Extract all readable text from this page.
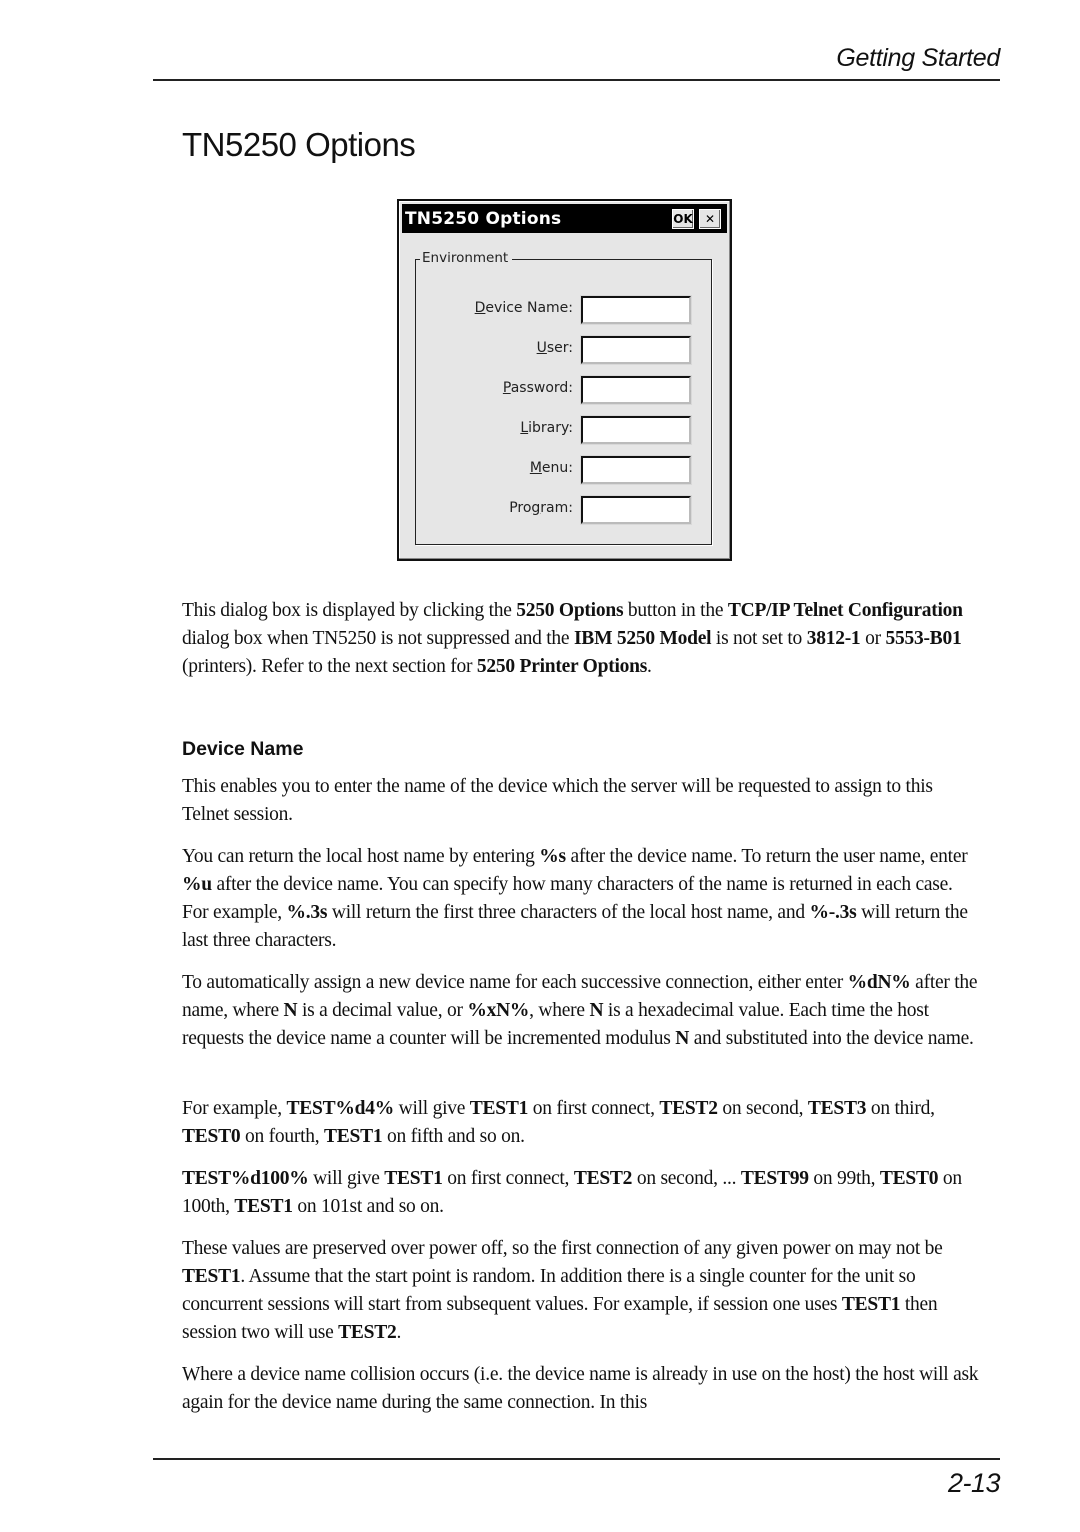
Getting Started
TN5250 Options
TN5250 Options	OK ✕
Environment
Device Name:
User:
Password:
Library:
Menu:
Program:

This dialog box is displayed by clicking the 5250 Options button in the TCP/IP Telnet Configuration dialog box when TN5250 is not suppressed and the IBM 5250 Model is not set to 3812-1 or 5553-B01 (printers). Refer to the next section for 5250 Printer Options.

Device Name

This enables you to enter the name of the device which the server will be requested to assign to this Telnet session.

You can return the local host name by entering %s after the device name. To return the user name, enter %u after the device name. You can specify how many characters of the name is returned in each case. For example, %.3s will return the first three characters of the local host name, and %-.3s will return the last three characters.

To automatically assign a new device name for each successive connection, either enter %dN% after the name, where N is a decimal value, or %xN%, where N is a hexadecimal value. Each time the host requests the device name a counter will be incremented modulus N and substituted into the device name.

For example, TEST%d4% will give TEST1 on first connect, TEST2 on second, TEST3 on third, TEST0 on fourth, TEST1 on fifth and so on.

TEST%d100% will give TEST1 on first connect, TEST2 on second, ... TEST99 on 99th, TEST0 on 100th, TEST1 on 101st and so on.

These values are preserved over power off, so the first connection of any given power on may not be TEST1. Assume that the start point is random. In addition there is a single counter for the unit so concurrent sessions will start from subsequent values. For example, if session one uses TEST1 then session two will use TEST2.

Where a device name collision occurs (i.e. the device name is already in use on the host) the host will ask again for the device name during the same connection. In this

2-13
